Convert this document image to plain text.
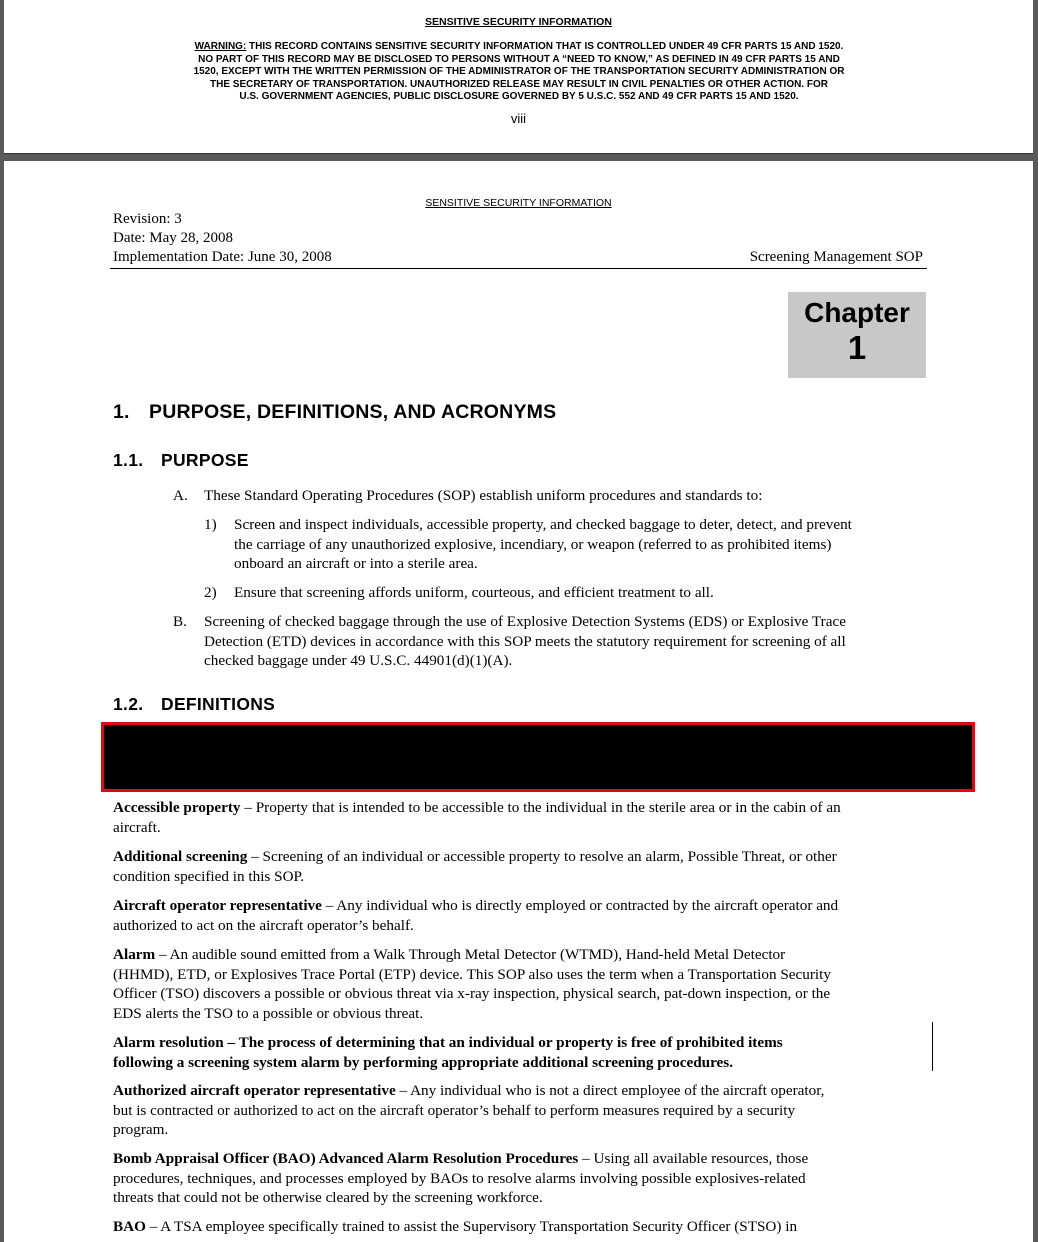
SENSITIVE SECURITY INFORMATION
WARNING: THIS RECORD CONTAINS SENSITIVE SECURITY INFORMATION THAT IS CONTROLLED UNDER 49 CFR PARTS 15 AND 1520.
NO PART OF THIS RECORD MAY BE DISCLOSED TO PERSONS WITHOUT A “NEED TO KNOW,” AS DEFINED IN 49 CFR PARTS 15 AND
1520, EXCEPT WITH THE WRITTEN PERMISSION OF THE ADMINISTRATOR OF THE TRANSPORTATION SECURITY ADMINISTRATION OR
THE SECRETARY OF TRANSPORTATION. UNAUTHORIZED RELEASE MAY RESULT IN CIVIL PENALTIES OR OTHER ACTION. FOR
U.S. GOVERNMENT AGENCIES, PUBLIC DISCLOSURE GOVERNED BY 5 U.S.C. 552 AND 49 CFR PARTS 15 AND 1520.
viii
SENSITIVE SECURITY INFORMATION
Revision: 3
Date: May 28, 2008
Implementation Date: June 30, 2008	Screening Management SOP
Chapter
1
1. PURPOSE, DEFINITIONS, AND ACRONYMS
1.1. PURPOSE
A. These Standard Operating Procedures (SOP) establish uniform procedures and standards to:
1) Screen and inspect individuals, accessible property, and checked baggage to deter, detect, and prevent
the carriage of any unauthorized explosive, incendiary, or weapon (referred to as prohibited items)
onboard an aircraft or into a sterile area.
2) Ensure that screening affords uniform, courteous, and efficient treatment to all.
B. Screening of checked baggage through the use of Explosive Detection Systems (EDS) or Explosive Trace
Detection (ETD) devices in accordance with this SOP meets the statutory requirement for screening of all
checked baggage under 49 U.S.C. 44901(d)(1)(A).
1.2. DEFINITIONS
Accessible property – Property that is intended to be accessible to the individual in the sterile area or in the cabin of an
aircraft.
Additional screening – Screening of an individual or accessible property to resolve an alarm, Possible Threat, or other
condition specified in this SOP.
Aircraft operator representative – Any individual who is directly employed or contracted by the aircraft operator and
authorized to act on the aircraft operator’s behalf.
Alarm – An audible sound emitted from a Walk Through Metal Detector (WTMD), Hand-held Metal Detector
(HHMD), ETD, or Explosives Trace Portal (ETP) device. This SOP also uses the term when a Transportation Security
Officer (TSO) discovers a possible or obvious threat via x-ray inspection, physical search, pat-down inspection, or the
EDS alerts the TSO to a possible or obvious threat.
Alarm resolution – The process of determining that an individual or property is free of prohibited items
following a screening system alarm by performing appropriate additional screening procedures.
Authorized aircraft operator representative – Any individual who is not a direct employee of the aircraft operator,
but is contracted or authorized to act on the aircraft operator’s behalf to perform measures required by a security
program.
Bomb Appraisal Officer (BAO) Advanced Alarm Resolution Procedures – Using all available resources, those
procedures, techniques, and processes employed by BAOs to resolve alarms involving possible explosives-related
threats that could not be otherwise cleared by the screening workforce.
BAO – A TSA employee specifically trained to assist the Supervisory Transportation Security Officer (STSO) in
